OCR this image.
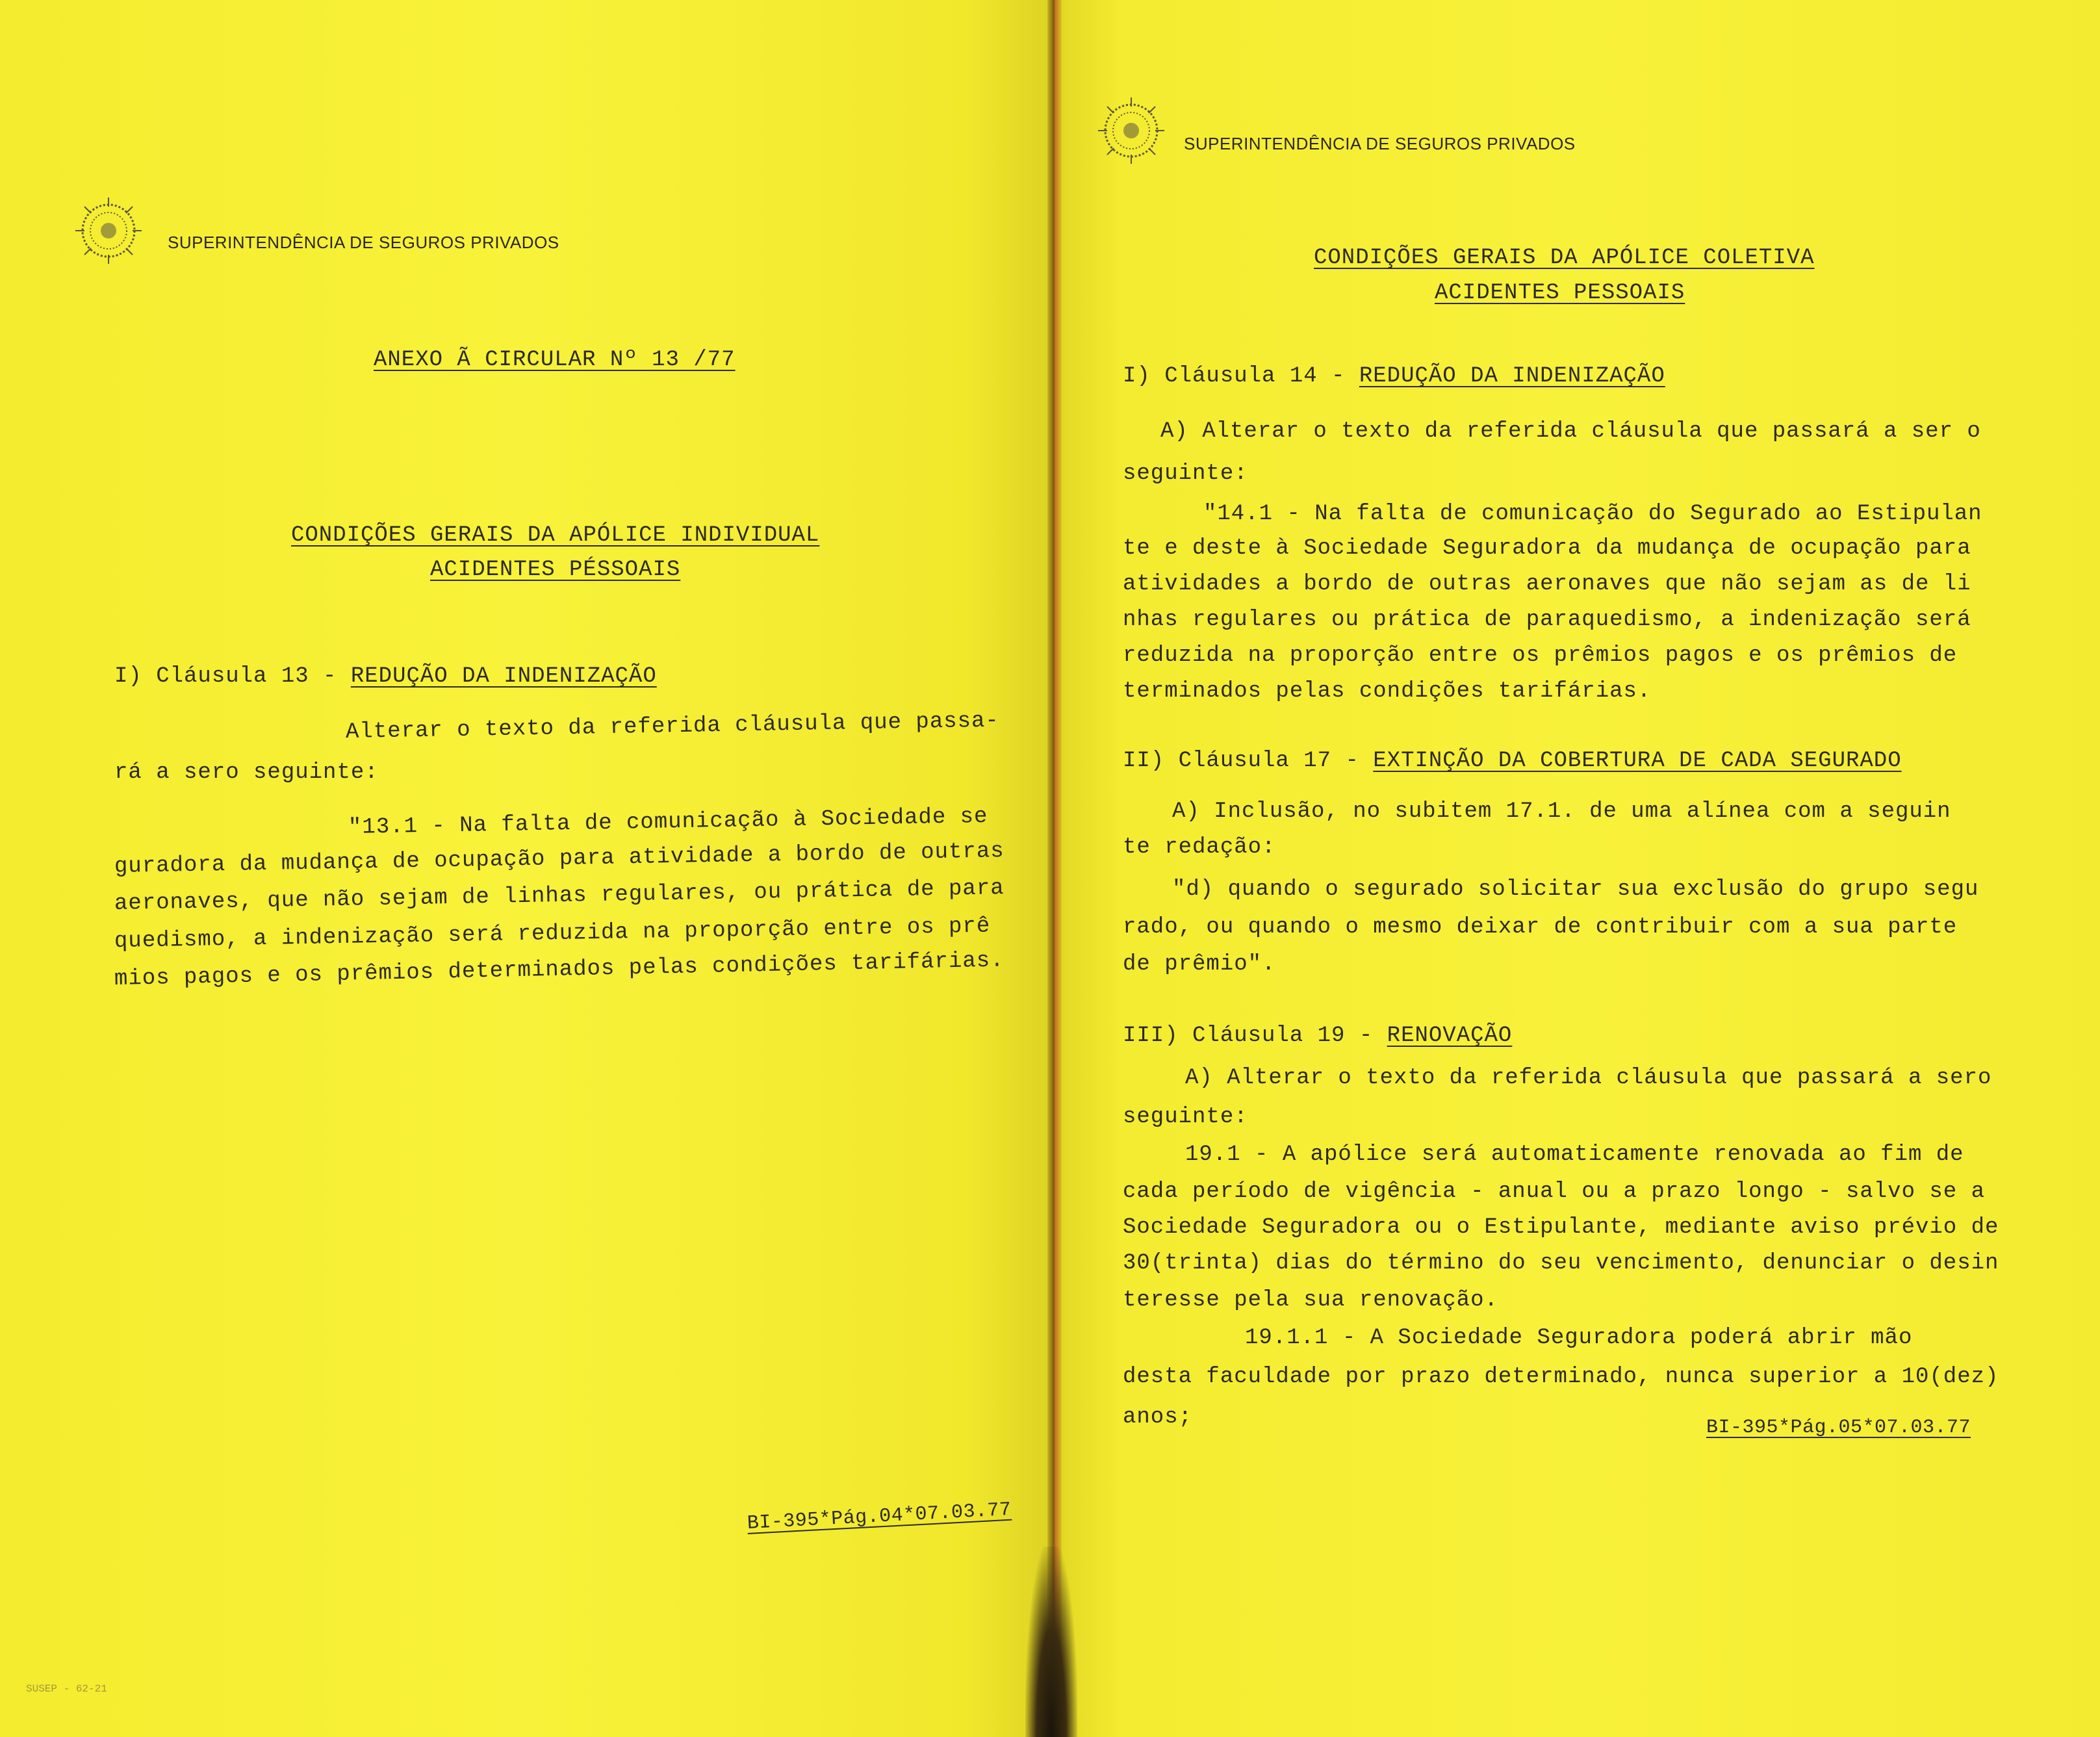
SUPERINTENDÊNCIA DE SEGUROS PRIVADOS
ANEXO Ã CIRCULAR Nº 13 /77
CONDIÇÕES GERAIS DA APÓLICE INDIVIDUAL
ACIDENTES PÉSSOAIS
I) Cláusula 13 - REDUÇÃO DA INDENIZAÇÃO
Alterar o texto da referida cláusula que passa-
rá a sero seguinte:
"13.1 - Na falta de comunicação à Sociedade se
guradora da mudança de ocupação para atividade a bordo de outras
aeronaves, que não sejam de linhas regulares, ou prática de para
quedismo, a indenização será reduzida na proporção entre os prê
mios pagos e os prêmios determinados pelas condições tarifárias.
BI-395*Pág.04*07.03.77
SUSEP - 62-21
SUPERINTENDÊNCIA DE SEGUROS PRIVADOS
CONDIÇÕES GERAIS DA APÓLICE COLETIVA
ACIDENTES PESSOAIS
I) Cláusula 14 - REDUÇÃO DA INDENIZAÇÃO
A) Alterar o texto da referida cláusula que passará a ser o
seguinte:
"14.1 - Na falta de comunicação do Segurado ao Estipulan
te e deste à Sociedade Seguradora da mudança de ocupação para
atividades a bordo de outras aeronaves que não sejam as de li
nhas regulares ou prática de paraquedismo, a indenização será
reduzida na proporção entre os prêmios pagos e os prêmios de
terminados pelas condições tarifárias.
II) Cláusula 17 - EXTINÇÃO DA COBERTURA DE CADA SEGURADO
A) Inclusão, no subitem 17.1. de uma alínea com a seguin
te redação:
"d) quando o segurado solicitar sua exclusão do grupo segu
rado, ou quando o mesmo deixar de contribuir com a sua parte
de prêmio".
III) Cláusula 19 - RENOVAÇÃO
A) Alterar o texto da referida cláusula que passará a sero
seguinte:
19.1 - A apólice será automaticamente renovada ao fim de
cada período de vigência - anual ou a prazo longo - salvo se a
Sociedade Seguradora ou o Estipulante, mediante aviso prévio de
30(trinta) dias do término do seu vencimento, denunciar o desin
teresse pela sua renovação.
19.1.1 - A Sociedade Seguradora poderá abrir mão
desta faculdade por prazo determinado, nunca superior a 10(dez)
anos;	BI-395*Pág.05*07.03.77
